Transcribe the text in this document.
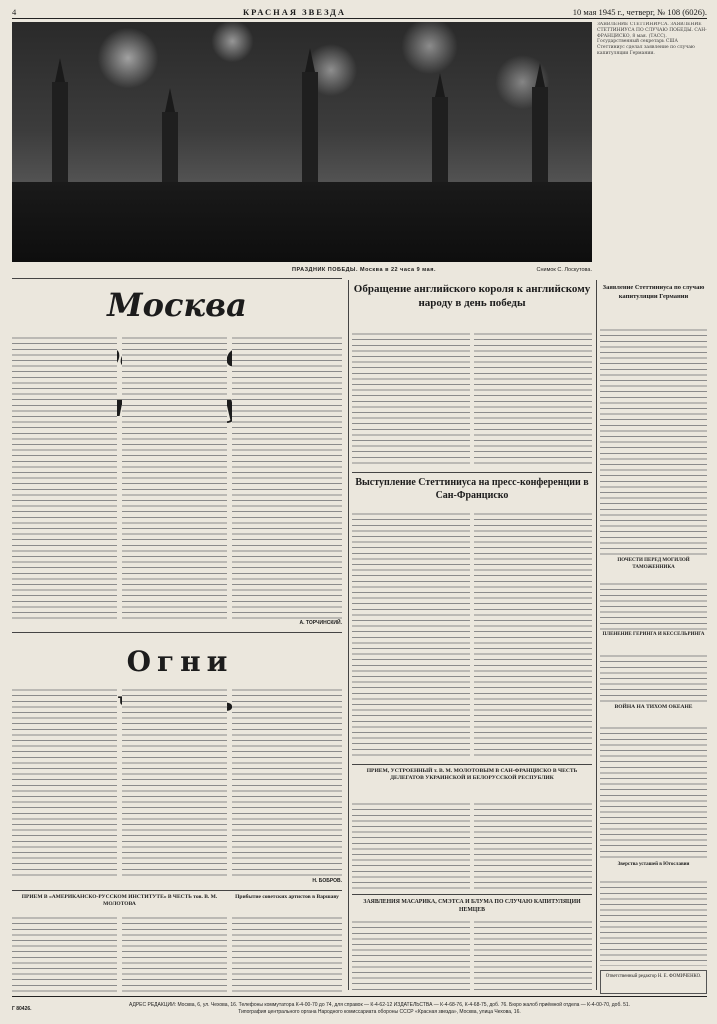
4	КРАСНАЯ ЗВЕЗДА	10 мая 1945 г., четверг, № 108 (6026).
ПРАЗДНИК ПОБЕДЫ. Москва в 22 часа 9 мая.	Снимок С. Лоскутова.
ЗАЯВЛЕНИЕ СТЕТТИНИУСА. ЗАЯВЛЕНИЕ СТЕТТИНИУСА ПО СЛУЧАЮ ПОБЕДЫ. САН-ФРАНЦИСКО, 8 мая. (ТАСС). Государственный секретарь США Стеттиниус сделал заявление по случаю капитуляции Германии.
Москва
А. ТОРЧИНСКИЙ.
Огни
Н. БОБРОВ.
Обращение английского короля к английскому народу в день победы
Выступление Стеттиниуса на пресс-конференции в Сан-Франциско
ПРИЕМ, УСТРОЕННЫЙ т. В. М. МОЛОТОВЫМ В САН-ФРАНЦИСКО В ЧЕСТЬ ДЕЛЕГАТОВ УКРАИНСКОЙ И БЕЛОРУССКОЙ РЕСПУБЛИК
ЗАЯВЛЕНИЯ МАСАРИКА, СМЭТСА И БЛУМА ПО СЛУЧАЮ КАПИТУЛЯЦИИ НЕМЦЕВ
Заявление Стеттиниуса по случаю капитуляции Германии
ПОЧЕСТИ ПЕРЕД МОГИЛОЙ ТАМОЖЕННИКА
ПЛЕНЕНИЕ ГЕРИНГА И КЕССЕЛЬРИНГА
ВОЙНА НА ТИХОМ ОКЕАНЕ
Зверства усташей в Югославии
Ответственный редактор Н. Е. ФОМИЧЕНКО.
ПРИЕМ В «АМЕРИКАНСКО-РУССКОМ ИНСТИТУТЕ» В ЧЕСТЬ тов. В. М. МОЛОТОВА
Прибытие советских артистов в Варшаву
Г 80426.
АДРЕС РЕДАКЦИИ: Москва, 6, ул. Чехова, 16. Телефоны коммутатора К-4-00-70 до 74, для справок — К-4-62-12 ИЗДАТЕЛЬСТВА — К-4-68-76, К-4-68-75, доб. 76. Бюро жалоб приёмной отдела — К-4-00-70, доб. 51.
Типография центрального органа Народного комиссариата обороны СССР «Красная звезда», Москва, улица Чехова, 16.
